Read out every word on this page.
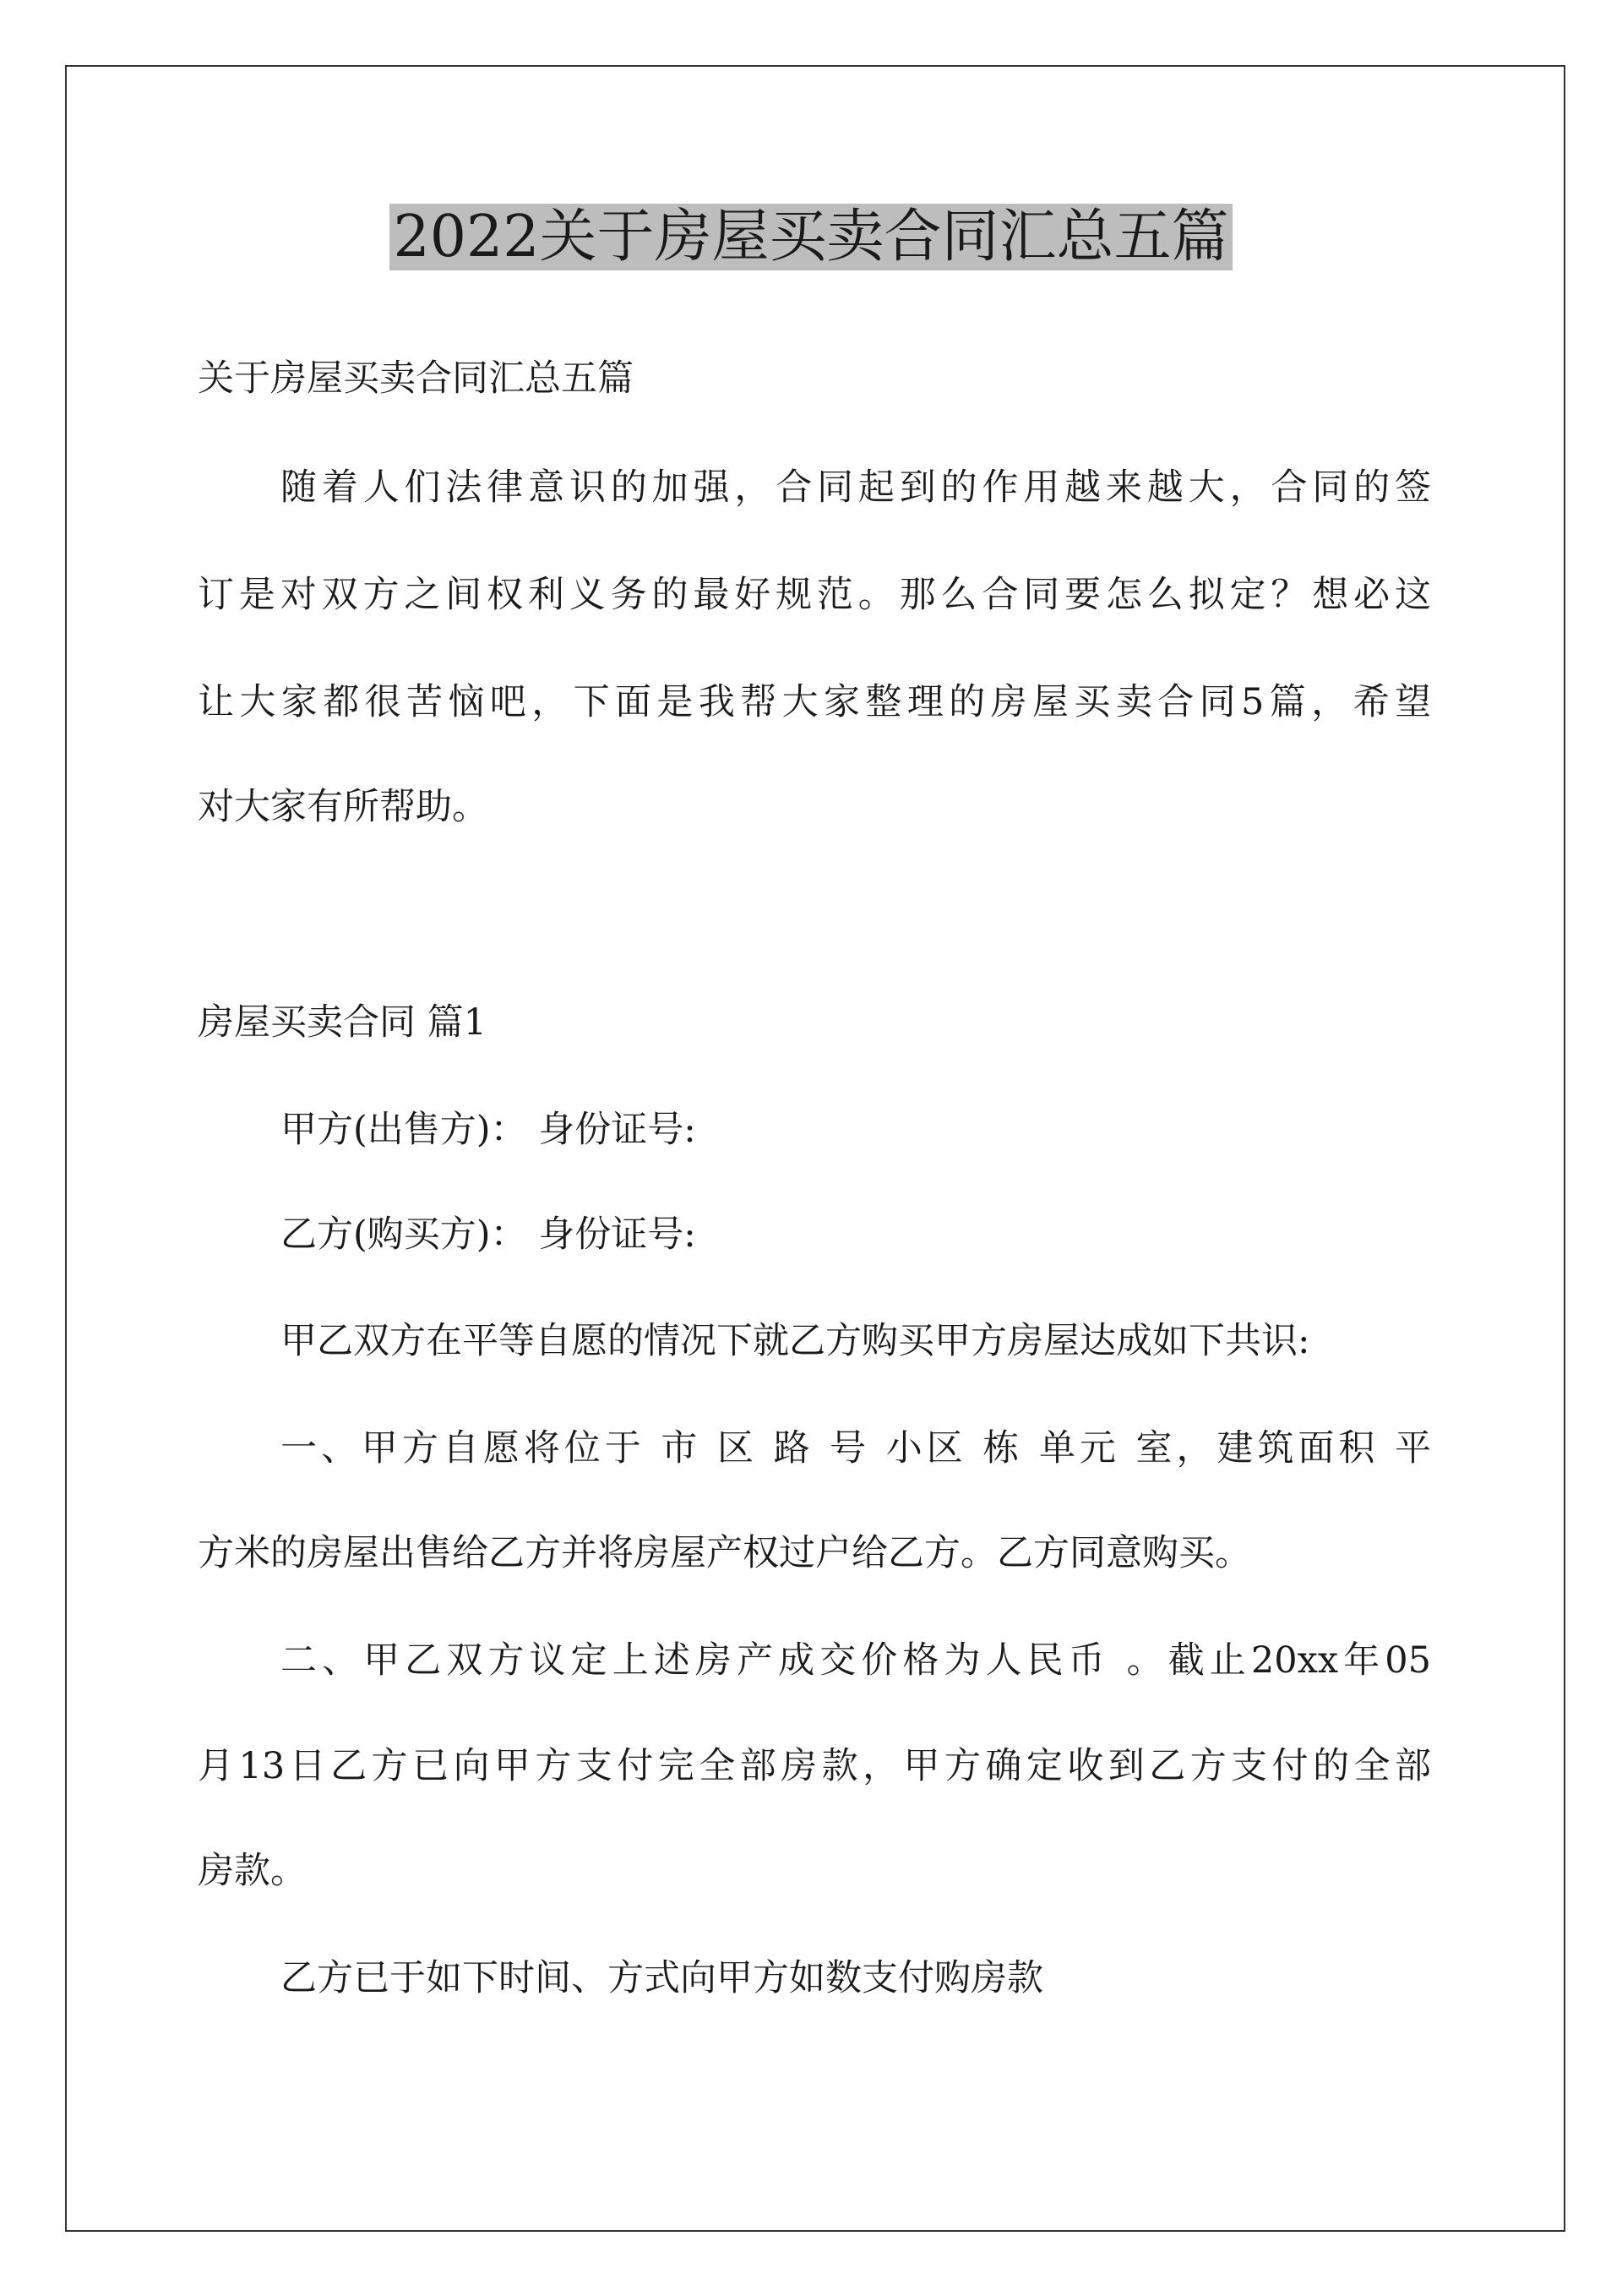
2022关于房屋买卖合同汇总五篇
关于房屋买卖合同汇总五篇
随着人们法律意识的加强，合同起到的作用越来越大，合同的签
订是对双方之间权利义务的最好规范。那么合同要怎么拟定？想必这
让大家都很苦恼吧，下面是我帮大家整理的房屋买卖合同5篇，希望
对大家有所帮助。
房屋买卖合同 篇1
甲方(出售方)： 身份证号:
乙方(购买方)： 身份证号:
甲乙双方在平等自愿的情况下就乙方购买甲方房屋达成如下共识:
一、甲方自愿将位于 市 区 路 号 小区 栋 单元 室，建筑面积 平
方米的房屋出售给乙方并将房屋产权过户给乙方。乙方同意购买。
二、甲乙双方议定上述房产成交价格为人民币 。截止20xx年05
月13日乙方已向甲方支付完全部房款，甲方确定收到乙方支付的全部
房款。
乙方已于如下时间、方式向甲方如数支付购房款
